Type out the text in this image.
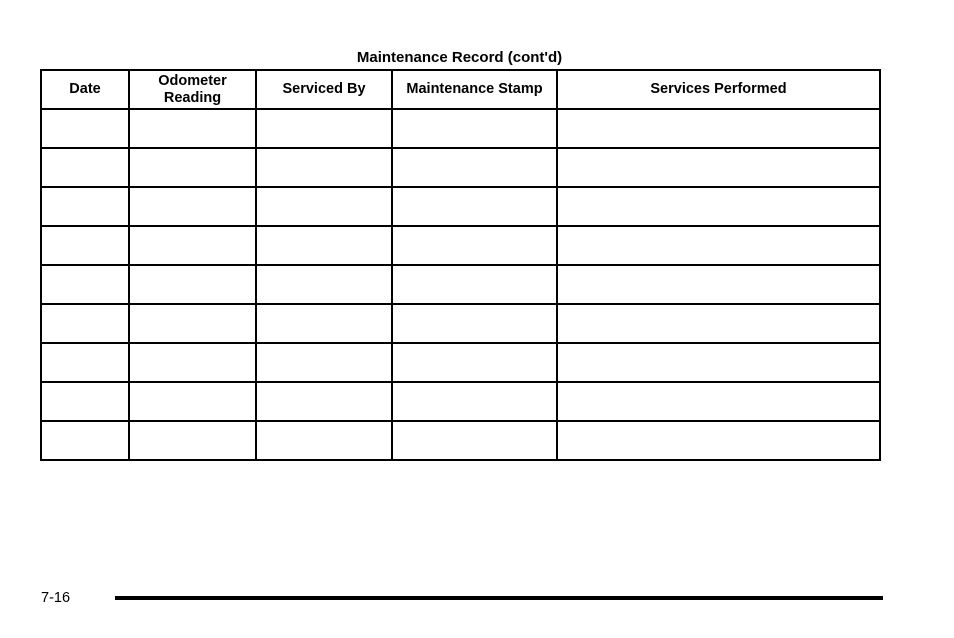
Maintenance Record (cont'd)
Date	Odometer Reading	Serviced By	Maintenance Stamp	Services Performed

7-16
